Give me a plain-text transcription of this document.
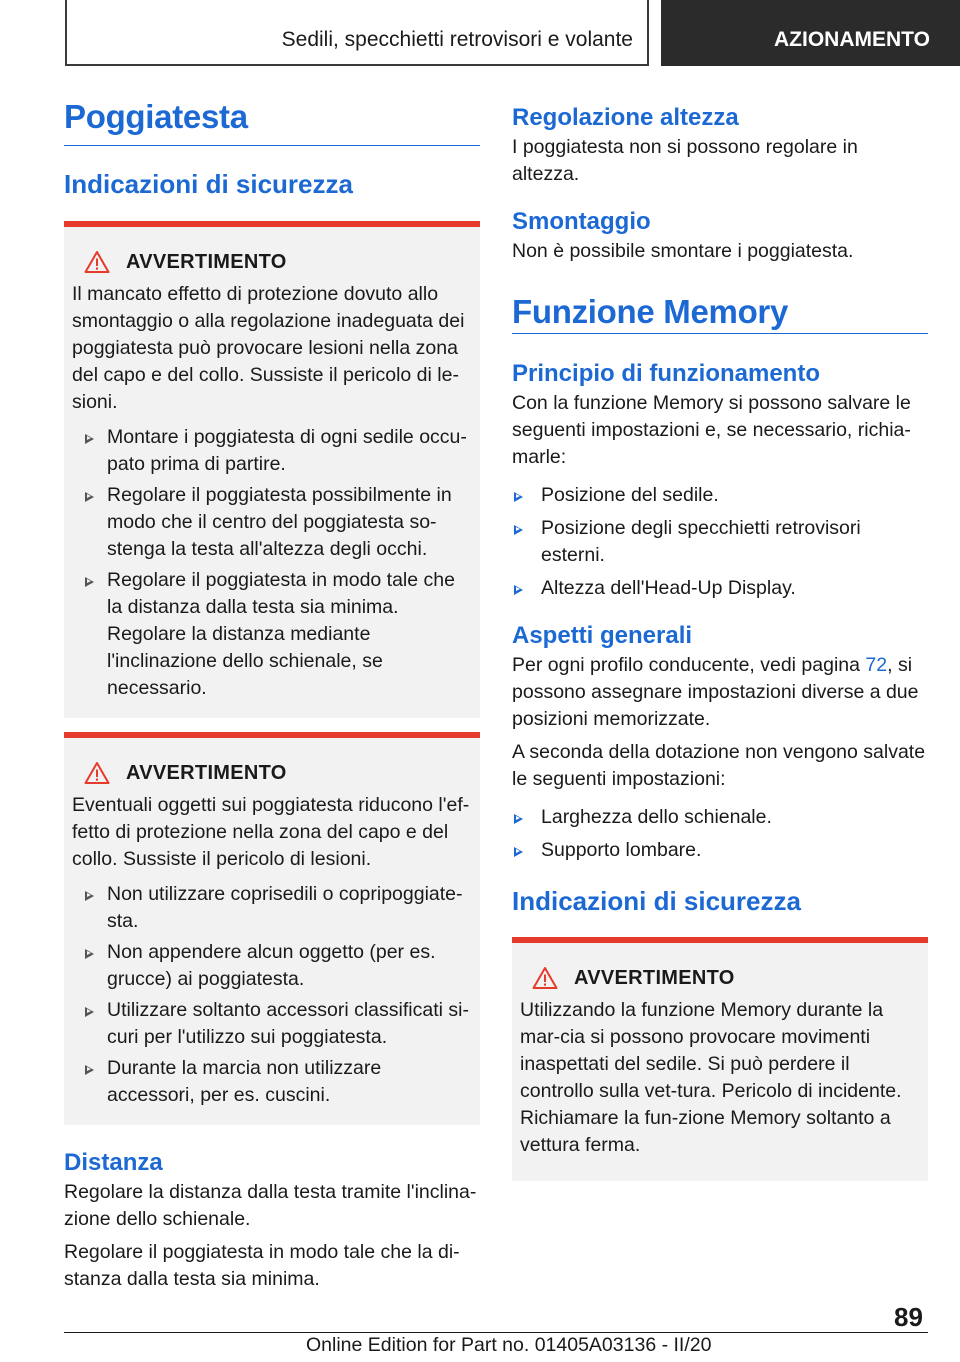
Sedili, specchietti retrovisori e volante	AZIONAMENTO
Poggiatesta
Indicazioni di sicurezza
AVVERTIMENTO

Il mancato effetto di protezione dovuto allo smontaggio o alla regolazione inadeguata dei poggiatesta può provocare lesioni nella zona del capo e del collo. Sussiste il pericolo di le-sioni.

Montare i poggiatesta di ogni sedile occu-pato prima di partire.
Regolare il poggiatesta possibilmente in modo che il centro del poggiatesta so-stenga la testa all'altezza degli occhi.
Regolare il poggiatesta in modo tale che la distanza dalla testa sia minima. Regolare la distanza mediante l'inclinazione dello schienale, se necessario.
AVVERTIMENTO

Eventuali oggetti sui poggiatesta riducono l'ef-fetto di protezione nella zona del capo e del collo. Sussiste il pericolo di lesioni.

Non utilizzare coprisedili o copripoggiate-sta.
Non appendere alcun oggetto (per es. grucce) ai poggiatesta.
Utilizzare soltanto accessori classificati si-curi per l'utilizzo sui poggiatesta.
Durante la marcia non utilizzare accessori, per es. cuscini.
Distanza

Regolare la distanza dalla testa tramite l'inclina-zione dello schienale.

Regolare il poggiatesta in modo tale che la di-stanza dalla testa sia minima.

Regolazione altezza

I poggiatesta non si possono regolare in altezza.

Smontaggio

Non è possibile smontare i poggiatesta.

Funzione Memory
Principio di funzionamento

Con la funzione Memory si possono salvare le seguenti impostazioni e, se necessario, richia-marle:

Posizione del sedile.
Posizione degli specchietti retrovisori esterni.
Altezza dell'Head-Up Display.
Aspetti generali

Per ogni profilo conducente, vedi pagina 72, si possono assegnare impostazioni diverse a due posizioni memorizzate.

A seconda della dotazione non vengono salvate le seguenti impostazioni:

Larghezza dello schienale.
Supporto lombare.
Indicazioni di sicurezza
AVVERTIMENTO

Utilizzando la funzione Memory durante la mar-cia si possono provocare movimenti inaspettati del sedile. Si può perdere il controllo sulla vet-tura. Pericolo di incidente. Richiamare la fun-zione Memory soltanto a vettura ferma.

89
Online Edition for Part no. 01405A03136 - II/20
